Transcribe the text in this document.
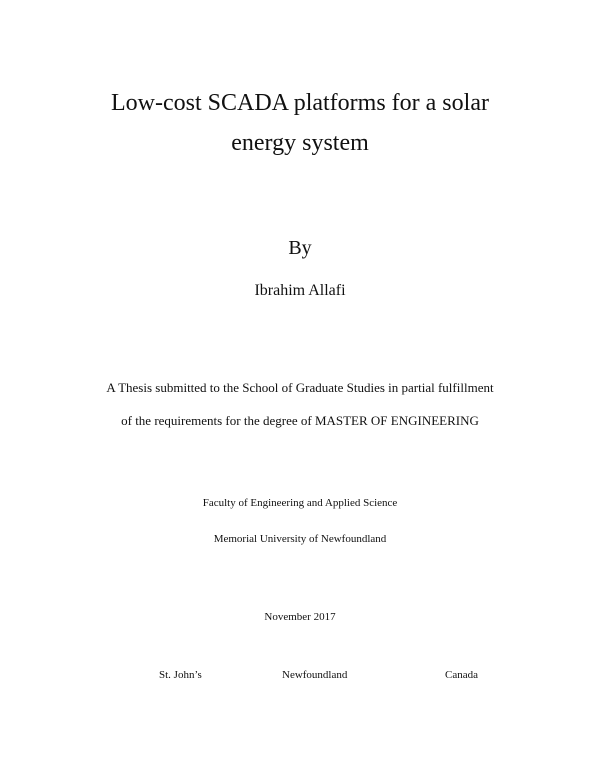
Low-cost SCADA platforms for a solar
energy system
By
Ibrahim Allafi
A Thesis submitted to the School of Graduate Studies in partial fulfillment
of the requirements for the degree of MASTER OF ENGINEERING
Faculty of Engineering and Applied Science
Memorial University of Newfoundland
November 2017
St. John’s	Newfoundland	Canada
